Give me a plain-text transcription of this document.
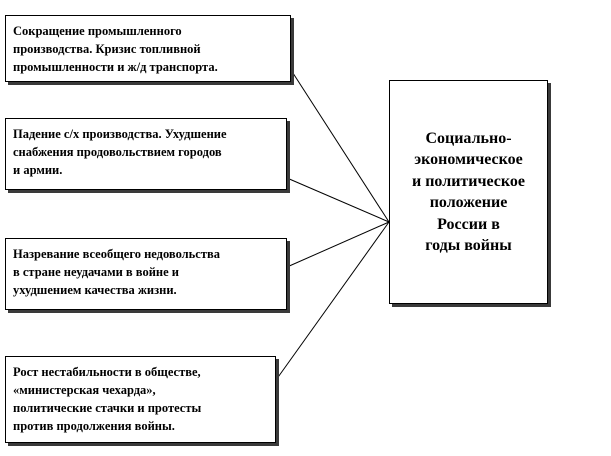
Сокращение промышленного
производства. Кризис топливной
промышленности и ж/д транспорта.
Падение с/х производства. Ухудшение
снабжения продовольствием городов
и армии.
Назревание всеобщего недовольства
в стране неудачами в войне и
ухудшением качества жизни.
Рост нестабильности в обществе,
«министерская чехарда»,
политические стачки и протесты
против продолжения войны.
Социально-
экономическое
и политическое
положение
России в
годы войны
